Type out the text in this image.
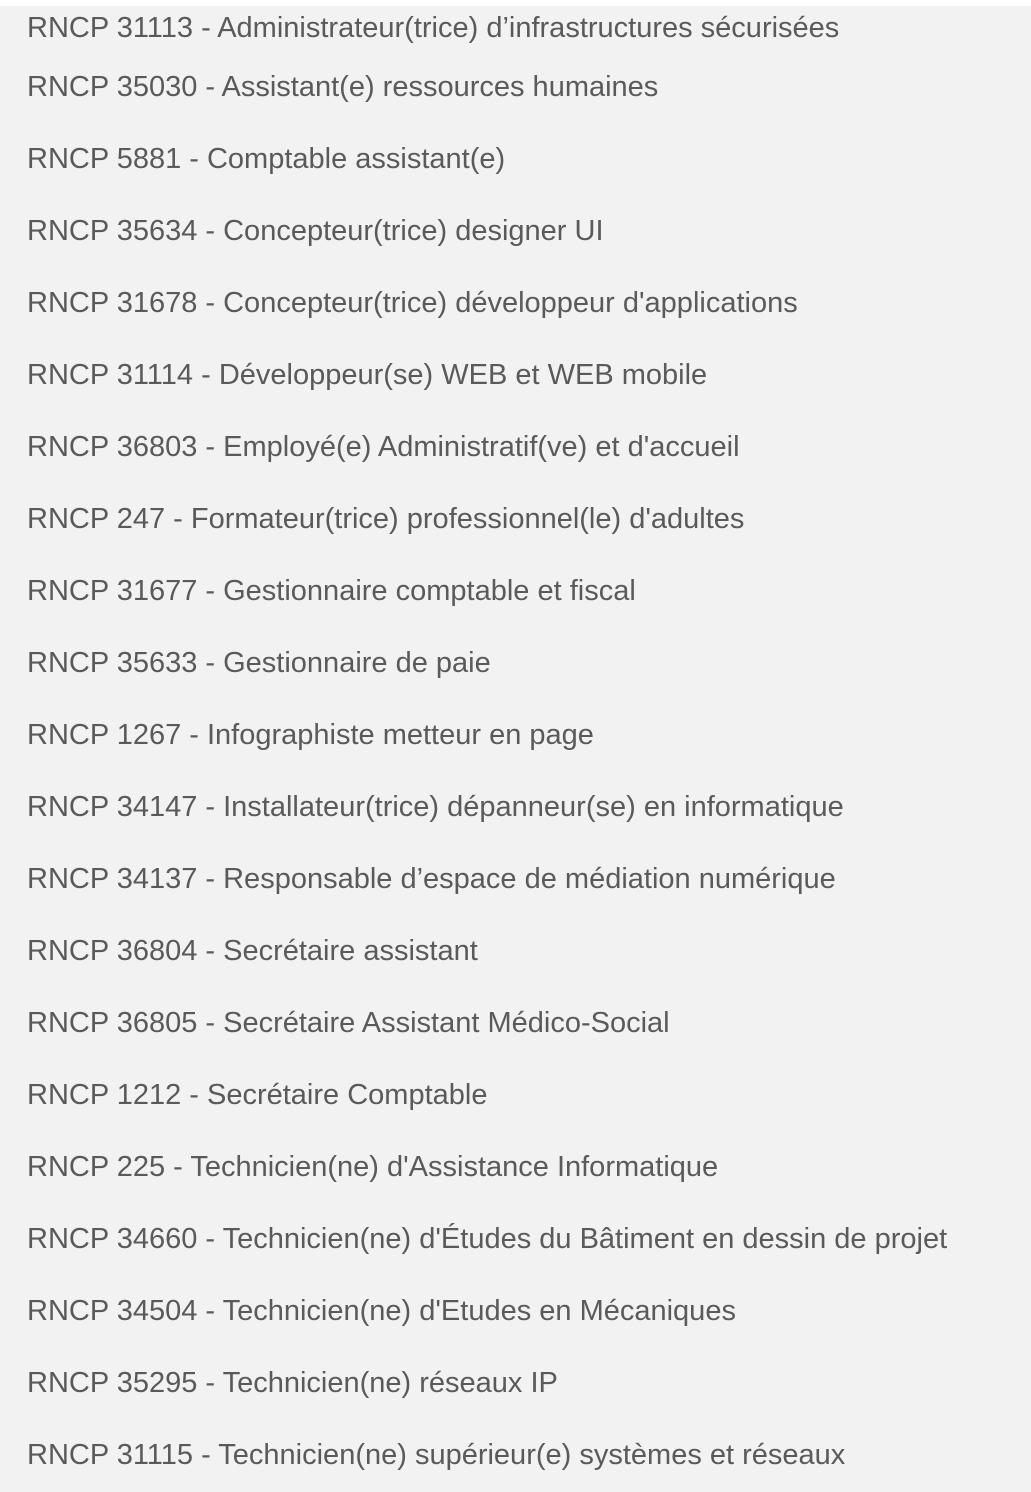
RNCP 31113 - Administrateur(trice) d’infrastructures sécurisées
RNCP 35030 - Assistant(e) ressources humaines
RNCP 5881 - Comptable assistant(e)
RNCP 35634 - Concepteur(trice) designer UI
RNCP 31678 - Concepteur(trice) développeur d'applications
RNCP 31114 - Développeur(se) WEB et WEB mobile
RNCP 36803 - Employé(e) Administratif(ve) et d'accueil
RNCP 247 - Formateur(trice) professionnel(le) d'adultes
RNCP 31677 - Gestionnaire comptable et fiscal
RNCP 35633 - Gestionnaire de paie
RNCP 1267 - Infographiste metteur en page
RNCP 34147 - Installateur(trice) dépanneur(se) en informatique
RNCP 34137 - Responsable d’espace de médiation numérique
RNCP 36804 - Secrétaire assistant
RNCP 36805 - Secrétaire Assistant Médico-Social
RNCP 1212 - Secrétaire Comptable
RNCP 225 - Technicien(ne) d'Assistance Informatique
RNCP 34660 - Technicien(ne) d'Études du Bâtiment en dessin de projet
RNCP 34504 - Technicien(ne) d'Etudes en Mécaniques
RNCP 35295 - Technicien(ne) réseaux IP
RNCP 31115 - Technicien(ne) supérieur(e) systèmes et réseaux
